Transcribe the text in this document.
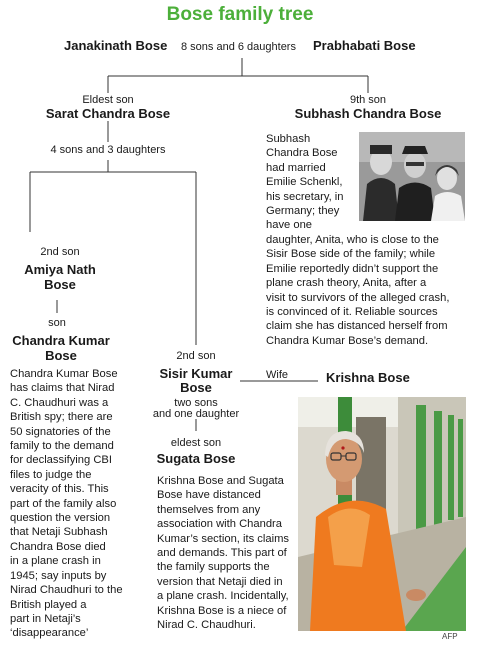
Bose family tree
Janakinath Bose 8 sons and 6 daughters Prabhabati Bose
Eldest son
Sarat Chandra Bose
4 sons and 3 daughters
9th son
Subhash Chandra Bose
Subhash
Chandra Bose
had married
Emilie Schenkl,
his secretary, in
Germany; they
have one
daughter, Anita, who is close to the
Sisir Bose side of the family; while
Emilie reportedly didn’t support the
plane crash theory, Anita, after a
visit to survivors of the alleged crash,
is convinced of it. Reliable sources
claim she has distanced herself from
Chandra Kumar Bose’s demand.
2nd son
Amiya Nath
Bose
son
Chandra Kumar
Bose
Chandra Kumar Bose
has claims that Nirad
C. Chaudhuri was a
British spy; there are
50 signatories of the
family to the demand
for declassifying CBI
files to judge the
veracity of this. This
part of the family also
question the version
that Netaji Subhash
Chandra Bose died
in a plane crash in
1945; say inputs by
Nirad Chaudhuri to the
British played a
part in Netaji’s
‘disappearance’
2nd son
Sisir Kumar
Bose
Wife
two sons
and one daughter
Krishna Bose
eldest son
Sugata Bose
Krishna Bose and Sugata
Bose have distanced
themselves from any
association with Chandra
Kumar’s section, its claims
and demands. This part of
the family supports the
version that Netaji died in
a plane crash. Incidentally,
Krishna Bose is a niece of
Nirad C. Chaudhuri.
AFP
